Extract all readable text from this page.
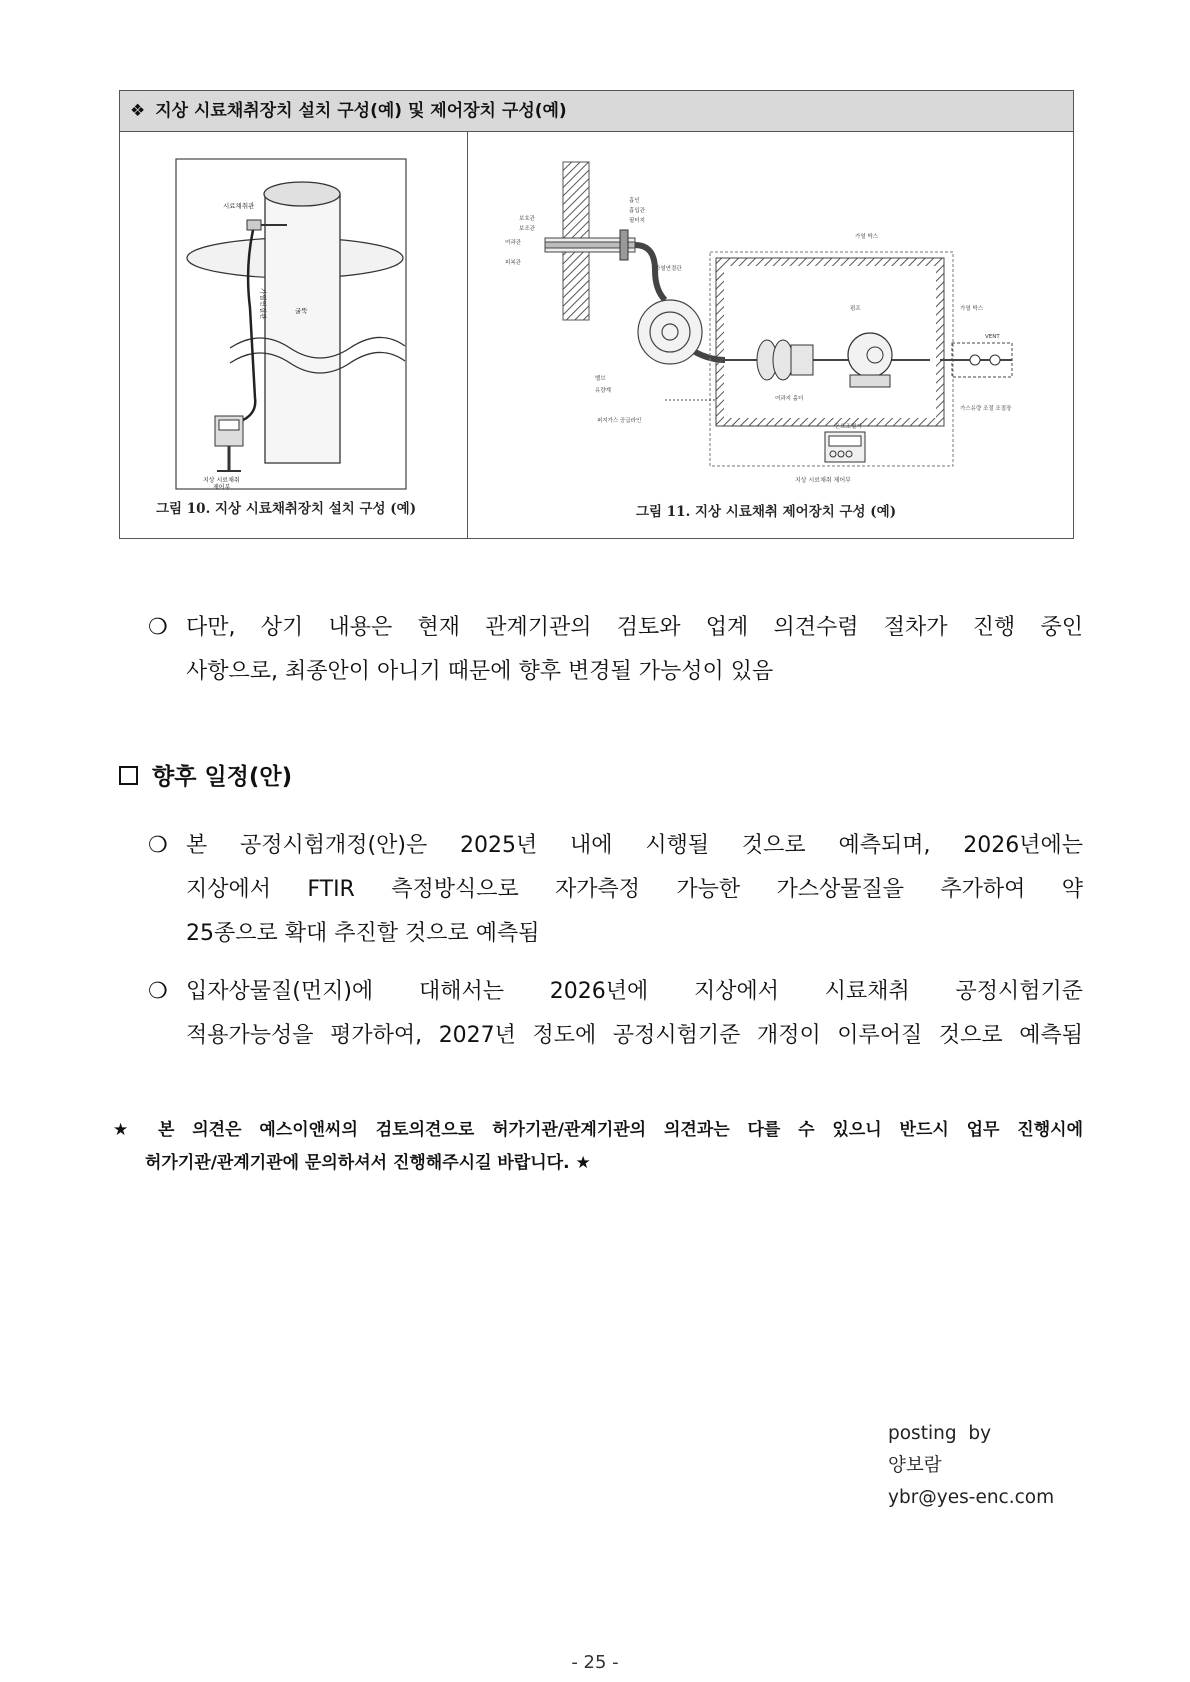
❖ 지상 시료채취장치 설치 구성(예) 및 제어장치 구성(예)
시료채취관
가열연결관	굴뚝
지상 시료채취
제어부
그림 10. 지상 시료채취장치 설치 구성 (예)
흡인
보호관
흡입관
필터지
여과관
피복관
가열연결관
가열 박스
펌프	가열 박스
VENT
밸브
유량계
여과지 홀더
퍼지가스 공급라인
가스유량 조절 조절장
온도조절기
지상 시료채취 제어부
보조관
그림 11. 지상 시료채취 제어장치 구성 (예)
❍ 다만, 상기 내용은 현재 관계기관의 검토와 업계 의견수렴 절차가 진행 중인
사항으로, 최종안이 아니기 때문에 향후 변경될 가능성이 있음
향후 일정(안)
❍ 본 공정시험개정(안)은 2025년 내에 시행될 것으로 예측되며, 2026년에는
지상에서 FTIR 측정방식으로 자가측정 가능한 가스상물질을 추가하여 약
25종으로 확대 추진할 것으로 예측됨
❍ 입자상물질(먼지)에 대해서는 2026년에 지상에서 시료채취 공정시험기준
적용가능성을 평가하여, 2027년 정도에 공정시험기준 개정이 이루어질 것으로 예측됨
★ 본 의견은 예스이앤씨의 검토의견으로 허가기관/관계기관의 의견과는 다를 수 있으니 반드시 업무 진행시에
허가기관/관계기관에 문의하셔서 진행해주시길 바랍니다. ★
posting  by
양보람
ybr@yes-enc.com
- 25 -
